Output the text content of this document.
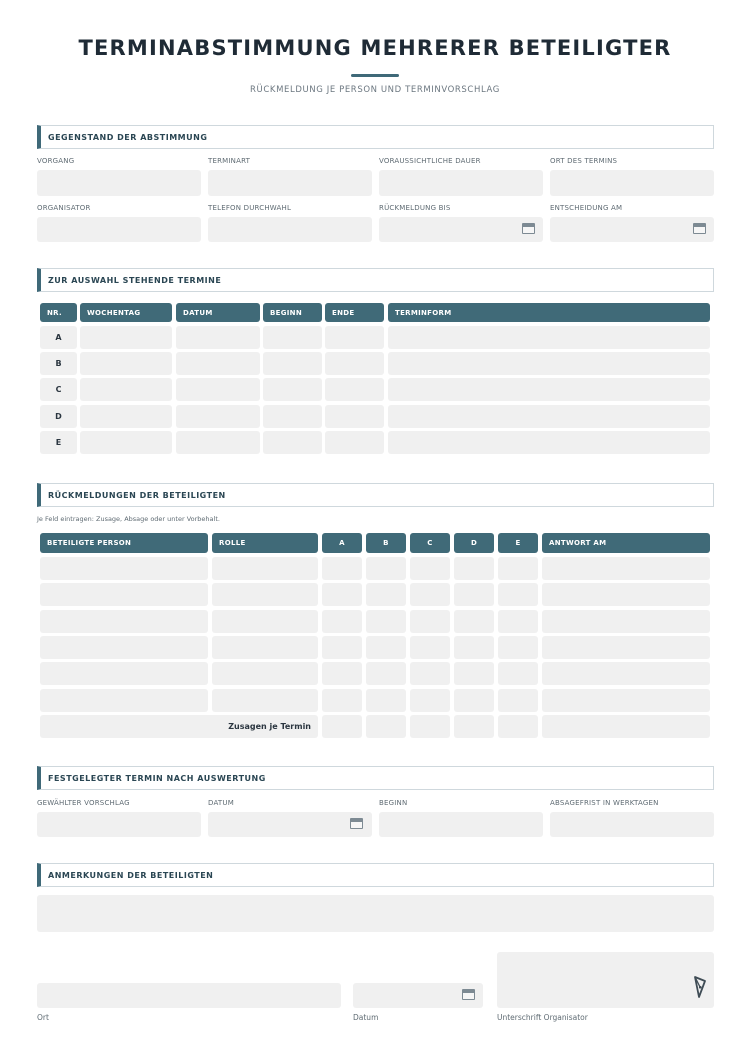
TERMINABSTIMMUNG MEHRERER BETEILIGTER
RÜCKMELDUNG JE PERSON UND TERMINVORSCHLAG
GEGENSTAND DER ABSTIMMUNG
VORGANG	TERMINART	VORAUSSICHTLICHE DAUER	ORT DES TERMINS
ORGANISATOR	TELEFON DURCHWAHL	RÜCKMELDUNG BIS	ENTSCHEIDUNG AM
ZUR AUSWAHL STEHENDE TERMINE
NR.	WOCHENTAG	DATUM	BEGINN	ENDE	TERMINFORM
A
B
C
D
E
RÜCKMELDUNGEN DER BETEILIGTEN
Je Feld eintragen: Zusage, Absage oder unter Vorbehalt.
BETEILIGTE PERSON	ROLLE	A	B	C	D	E	ANTWORT AM
Zusagen je Termin
FESTGELEGTER TERMIN NACH AUSWERTUNG
GEWÄHLTER VORSCHLAG	DATUM	BEGINN	ABSAGEFRIST IN WERKTAGEN
ANMERKUNGEN DER BETEILIGTEN
Ort	Datum	Unterschrift Organisator
